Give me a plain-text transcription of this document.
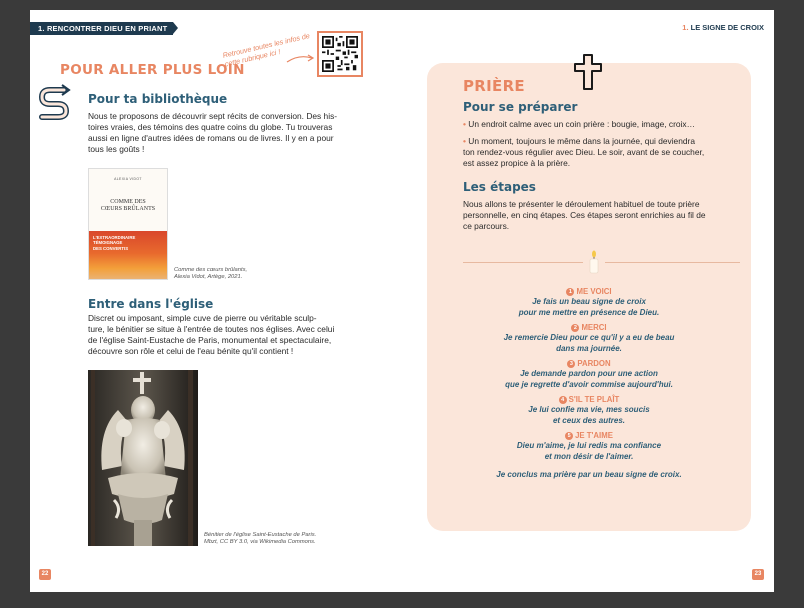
1. RENCONTRER DIEU EN PRIANT
POUR ALLER PLUS LOIN
Retrouve toutes les infos de cette rubrique ici !
Pour ta bibliothèque
Nous te proposons de découvrir sept récits de conversion. Des his-
toires vraies, des témoins des quatre coins du globe. Tu trouveras
aussi en ligne d'autres idées de romans ou de livres. Il y en a pour
tous les goûts !
ALEXIA VIDOT
COMME DES
CŒURS BRÛLANTS
L'EXTRAORDINAIRE
TÉMOIGNAGE
DES CONVERTIS
Comme des cœurs brûlants,
Alexia Vidot, Artège, 2021.
Entre dans l'église
Discret ou imposant, simple cuve de pierre ou véritable sculp-
ture, le bénitier se situe à l'entrée de toutes nos églises. Avec celui
de l'église Saint-Eustache de Paris, monumental et spectaculaire,
découvre son rôle et celui de l'eau bénite qu'il contient !
Bénitier de l'église Saint-Eustache de Paris.
Mbzt, CC BY 3.0, via Wikimedia Commons.
22
1. LE SIGNE DE CROIX
PRIÈRE
Pour se préparer
• Un endroit calme avec un coin prière : bougie, image, croix…
• Un moment, toujours le même dans la journée, qui deviendra
ton rendez-vous régulier avec Dieu. Le soir, avant de se coucher,
est assez propice à la prière.
Les étapes
Nous allons te présenter le déroulement habituel de toute prière
personnelle, en cinq étapes. Ces étapes seront enrichies au fil de
ce parcours.
1 ME VOICI
Je fais un beau signe de croix
pour me mettre en présence de Dieu.
2 MERCI
Je remercie Dieu pour ce qu'il y a eu de beau
dans ma journée.
3 PARDON
Je demande pardon pour une action
que je regrette d'avoir commise aujourd'hui.
4 S'IL TE PLAÎT
Je lui confie ma vie, mes soucis
et ceux des autres.
5 JE T'AIME
Dieu m'aime, je lui redis ma confiance
et mon désir de l'aimer.
Je conclus ma prière par un beau signe de croix.
23
